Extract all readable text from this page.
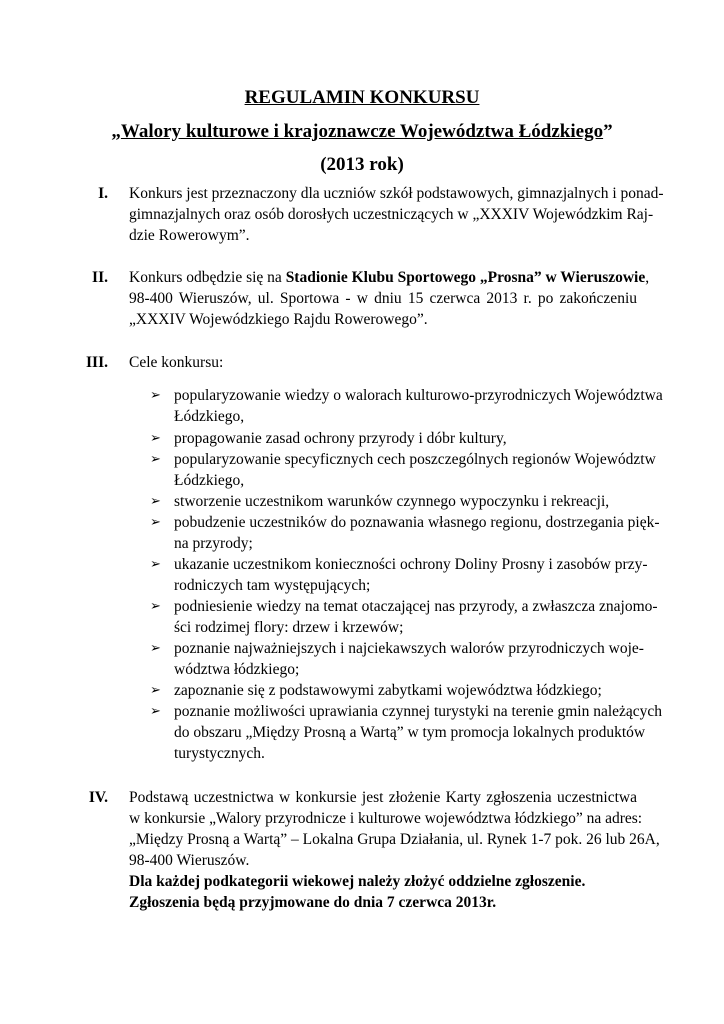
REGULAMIN KONKURSU
„Walory kulturowe i krajoznawcze Województwa Łódzkiego”
(2013 rok)
I. Konkurs jest przeznaczony dla uczniów szkół podstawowych, gimnazjalnych i ponad-
gimnazjalnych oraz osób dorosłych uczestniczących w „XXXIV Wojewódzkim Raj-
dzie Rowerowym”.
II. Konkurs odbędzie się na Stadionie Klubu Sportowego „Prosna” w Wieruszowie,
98-400 Wieruszów, ul. Sportowa - w dniu 15 czerwca 2013 r. po zakończeniu
„XXXIV Wojewódzkiego Rajdu Rowerowego”.
III. Cele konkursu:
➢ popularyzowanie wiedzy o walorach kulturowo-przyrodniczych Województwa
Łódzkiego,
➢ propagowanie zasad ochrony przyrody i dóbr kultury,
➢ popularyzowanie specyficznych cech poszczególnych regionów Województw
Łódzkiego,
➢ stworzenie uczestnikom warunków czynnego wypoczynku i rekreacji,
➢ pobudzenie uczestników do poznawania własnego regionu, dostrzegania pięk-
na przyrody;
➢ ukazanie uczestnikom konieczności ochrony Doliny Prosny i zasobów przy-
rodniczych tam występujących;
➢ podniesienie wiedzy na temat otaczającej nas przyrody, a zwłaszcza znajomo-
ści rodzimej flory: drzew i krzewów;
➢ poznanie najważniejszych i najciekawszych walorów przyrodniczych woje-
wództwa łódzkiego;
➢ zapoznanie się z podstawowymi zabytkami województwa łódzkiego;
➢ poznanie możliwości uprawiania czynnej turystyki na terenie gmin należących
do obszaru „Między Prosną a Wartą” w tym promocja lokalnych produktów
turystycznych.
IV. Podstawą uczestnictwa w konkursie jest złożenie Karty zgłoszenia uczestnictwa
w konkursie „Walory przyrodnicze i kulturowe województwa łódzkiego” na adres:
„Między Prosną a Wartą” – Lokalna Grupa Działania, ul. Rynek 1-7 pok. 26 lub 26A,
98-400 Wieruszów.
Dla każdej podkategorii wiekowej należy złożyć oddzielne zgłoszenie.
Zgłoszenia będą przyjmowane do dnia 7 czerwca 2013r.
